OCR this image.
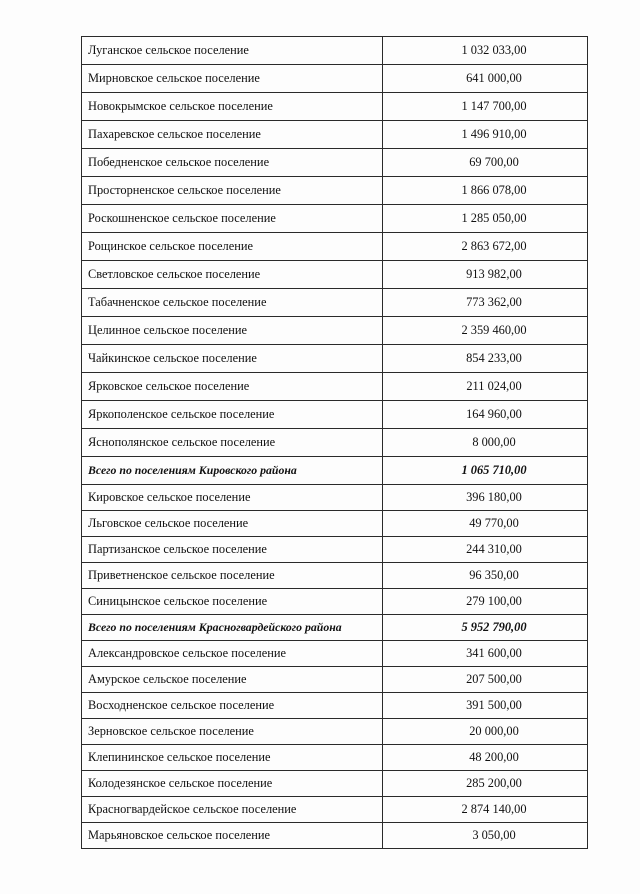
Луганское сельское поселение	1 032 033,00
Мирновское сельское поселение	641 000,00
Новокрымское сельское поселение	1 147 700,00
Пахаревское сельское поселение	1 496 910,00
Победненское сельское поселение	69 700,00
Просторненское сельское поселение	1 866 078,00
Роскошненское сельское поселение	1 285 050,00
Рощинское сельское поселение	2 863 672,00
Светловское сельское поселение	913 982,00
Табачненское сельское поселение	773 362,00
Целинное сельское поселение	2 359 460,00
Чайкинское сельское поселение	854 233,00
Ярковское сельское поселение	211 024,00
Яркополенское сельское поселение	164 960,00
Яснополянское сельское поселение	8 000,00
Всего по поселениям Кировского района	1 065 710,00
Кировское сельское поселение	396 180,00
Льговское сельское поселение	49 770,00
Партизанское сельское поселение	244 310,00
Приветненское сельское поселение	96 350,00
Синицынское сельское поселение	279 100,00
Всего по поселениям Красногвардейского района	5 952 790,00
Александровское сельское поселение	341 600,00
Амурское сельское поселение	207 500,00
Восходненское сельское поселение	391 500,00
Зерновское сельское поселение	20 000,00
Клепининское сельское поселение	48 200,00
Колодезянское сельское поселение	285 200,00
Красногвардейское сельское поселение	2 874 140,00
Марьяновское сельское поселение	3 050,00
